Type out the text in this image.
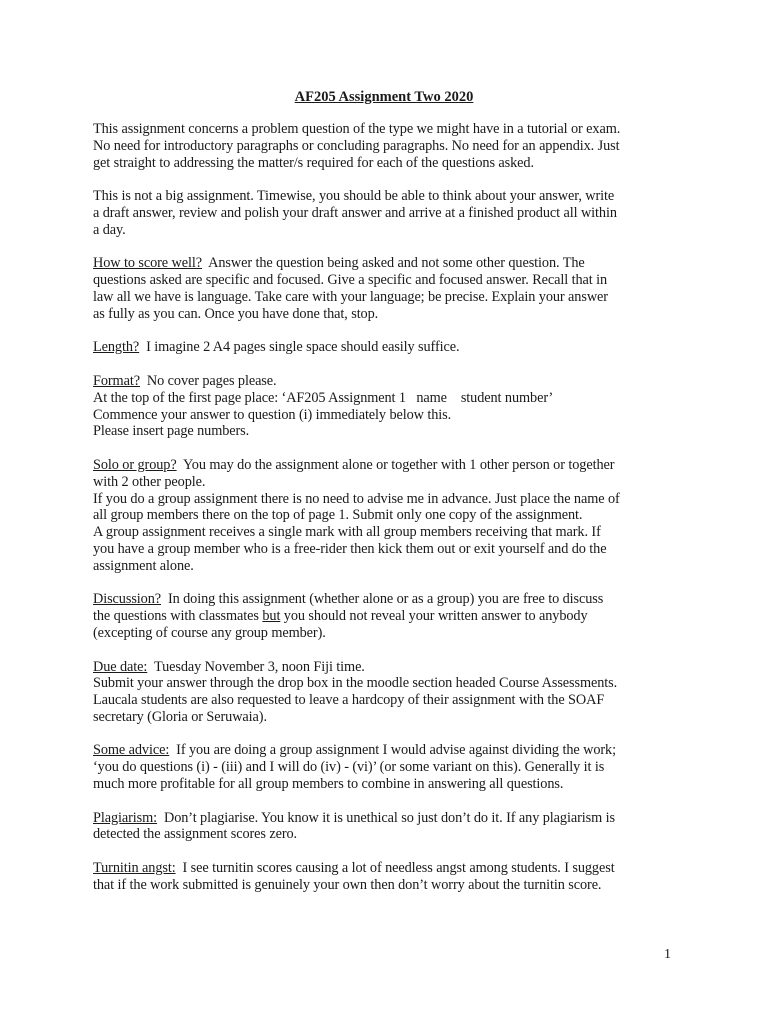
AF205 Assignment Two 2020
This assignment concerns a problem question of the type we might have in a tutorial or exam.
No need for introductory paragraphs or concluding paragraphs. No need for an appendix. Just
get straight to addressing the matter/s required for each of the questions asked.
This is not a big assignment. Timewise, you should be able to think about your answer, write
a draft answer, review and polish your draft answer and arrive at a finished product all within
a day.
How to score well?  Answer the question being asked and not some other question. The
questions asked are specific and focused. Give a specific and focused answer. Recall that in
law all we have is language. Take care with your language; be precise. Explain your answer
as fully as you can. Once you have done that, stop.
Length?  I imagine 2 A4 pages single space should easily suffice.
Format?  No cover pages please.
At the top of the first page place: ‘AF205 Assignment 1   name    student number’
Commence your answer to question (i) immediately below this.
Please insert page numbers.
Solo or group?  You may do the assignment alone or together with 1 other person or together
with 2 other people.
If you do a group assignment there is no need to advise me in advance. Just place the name of
all group members there on the top of page 1. Submit only one copy of the assignment.
A group assignment receives a single mark with all group members receiving that mark. If
you have a group member who is a free-rider then kick them out or exit yourself and do the
assignment alone.
Discussion?  In doing this assignment (whether alone or as a group) you are free to discuss
the questions with classmates but you should not reveal your written answer to anybody
(excepting of course any group member).
Due date:  Tuesday November 3, noon Fiji time.
Submit your answer through the drop box in the moodle section headed Course Assessments.
Laucala students are also requested to leave a hardcopy of their assignment with the SOAF
secretary (Gloria or Seruwaia).
Some advice:  If you are doing a group assignment I would advise against dividing the work;
‘you do questions (i) - (iii) and I will do (iv) - (vi)’ (or some variant on this). Generally it is
much more profitable for all group members to combine in answering all questions.
Plagiarism:  Don’t plagiarise. You know it is unethical so just don’t do it. If any plagiarism is
detected the assignment scores zero.
Turnitin angst:  I see turnitin scores causing a lot of needless angst among students. I suggest
that if the work submitted is genuinely your own then don’t worry about the turnitin score.
1
